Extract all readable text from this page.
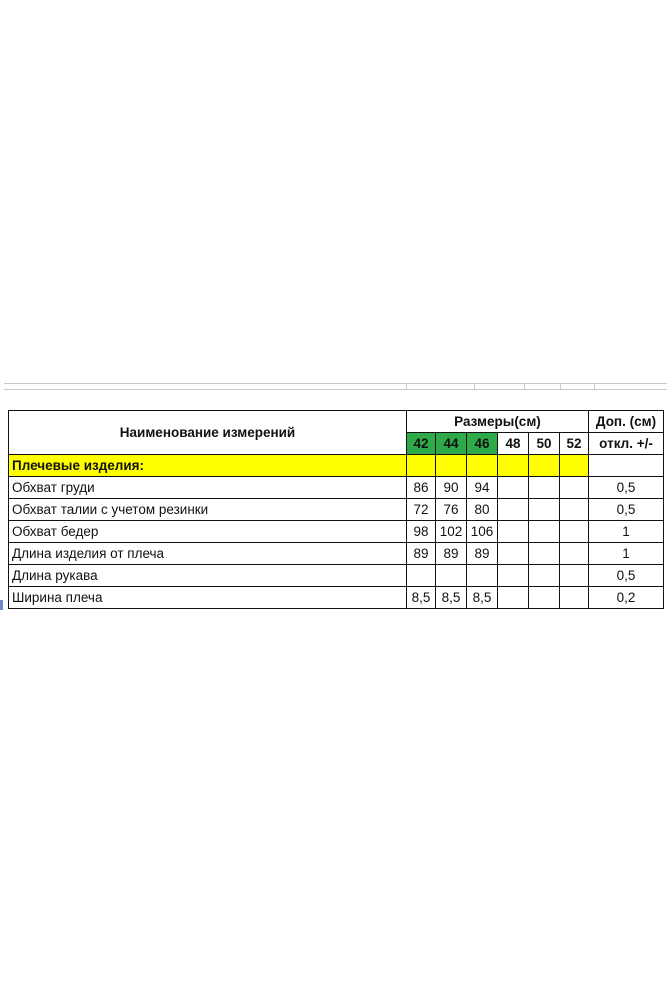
Наименование измерений	Размеры(см)						Доп. (см)
	42	44	46	48	50	52	откл. +/-
Плечевые изделия:							
Обхват груди	86	90	94				0,5
Обхват талии с учетом резинки	72	76	80				0,5
Обхват бедер	98	102	106				1
Длина изделия от плеча	89	89	89				1
Длина рукава							0,5
Ширина плеча	8,5	8,5	8,5				0,2
